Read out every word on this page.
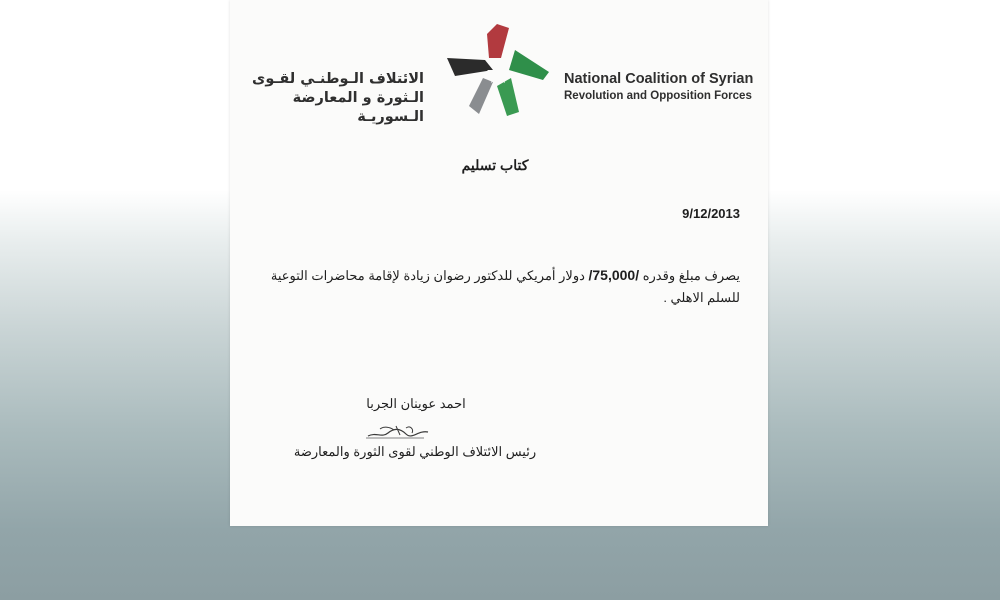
الائتلاف الـوطنـي لقـوى
الـثورة و المعارضة الـسوريـة
National Coalition of Syrian
Revolution and Opposition Forces
كتاب تسليم
9/12/2013
يصرف مبلغ وقدره /75,000/ دولار أمريكي للدكتور رضوان زيادة لإقامة محاضرات التوعية للسلم الاهلي .
احمد عوينان الجربا
رئيس الائتلاف الوطني لقوى الثورة والمعارضة
